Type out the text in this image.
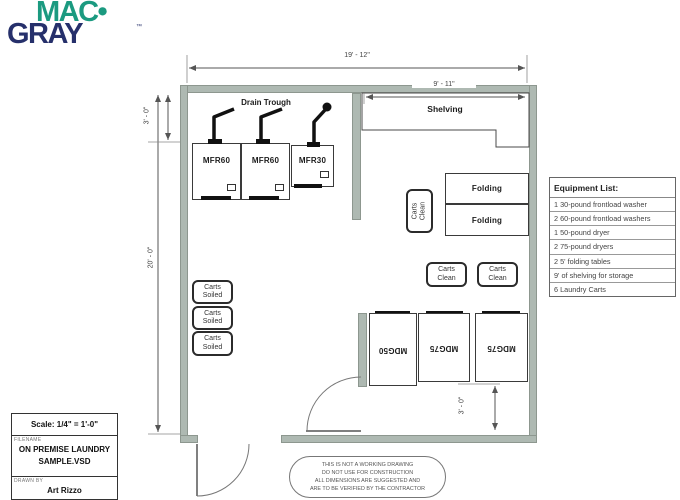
MAC•
GRAY	™
19' - 12"
9' - 11"
20' - 0"
3' - 0"
3' - 0"
Drain Trough
Shelving
MFR60	MFR60	MFR30
Folding
Folding
Carts Clean
Carts Clean
Carts Clean
Carts Soiled
Carts Soiled
Carts Soiled	MDG50	MDG75	MDG75
Equipment List:
1 30-pound frontload washer
2 60-pound frontload washers
1 50-pound dryer
2 75-pound dryers
2 5' folding tables
9' of shelving for storage
6 Laundry Carts
Scale: 1/4" = 1'-0"
FILENAME
ON PREMISE LAUNDRY
SAMPLE.VSD
DRAWN BY
Art Rizzo
THIS IS NOT A WORKING DRAWING
DO NOT USE FOR CONSTRUCTION
ALL DIMENSIONS ARE SUGGESTED AND
ARE TO BE VERIFIED BY THE CONTRACTOR
